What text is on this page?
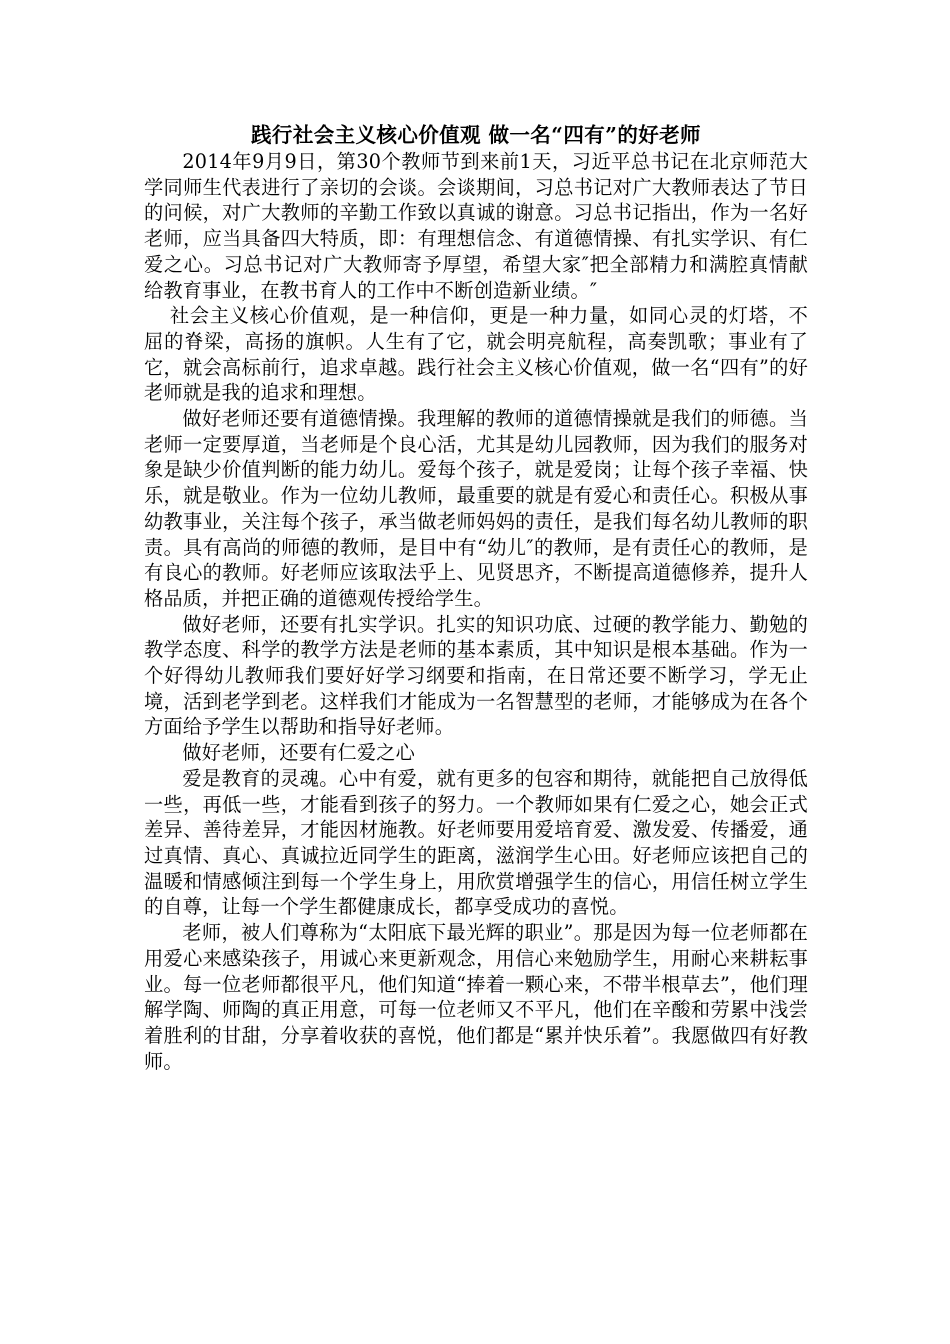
践行社会主义核心价值观 做一名“四有”的好老师

2014年9月9日，第30个教师节到来前1天，习近平总书记在北京师范大学同师生代表进行了亲切的会谈。会谈期间，习总书记对广大教师表达了节日的问候，对广大教师的辛勤工作致以真诚的谢意。习总书记指出，作为一名好老师，应当具备四大特质，即：有理想信念、有道德情操、有扎实学识、有仁爱之心。习总书记对广大教师寄予厚望，希望大家″把全部精力和满腔真情献给教育事业，在教书育人的工作中不断创造新业绩。″

社会主义核心价值观，是一种信仰，更是一种力量，如同心灵的灯塔，不屈的脊梁，高扬的旗帜。人生有了它，就会明亮航程，高奏凯歌；事业有了它，就会高标前行，追求卓越。践行社会主义核心价值观，做一名“四有”的好老师就是我的追求和理想。

做好老师还要有道德情操。我理解的教师的道德情操就是我们的师德。当老师一定要厚道，当老师是个良心活，尤其是幼儿园教师，因为我们的服务对象是缺少价值判断的能力幼儿。爱每个孩子，就是爱岗；让每个孩子幸福、快乐，就是敬业。作为一位幼儿教师，最重要的就是有爱心和责任心。积极从事幼教事业，关注每个孩子，承当做老师妈妈的责任，是我们每名幼儿教师的职责。具有高尚的师德的教师，是目中有“幼儿″的教师，是有责任心的教师，是有良心的教师。好老师应该取法乎上、见贤思齐，不断提高道德修养，提升人格品质，并把正确的道德观传授给学生。

做好老师，还要有扎实学识。扎实的知识功底、过硬的教学能力、勤勉的教学态度、科学的教学方法是老师的基本素质，其中知识是根本基础。作为一个好得幼儿教师我们要好好学习纲要和指南，在日常还要不断学习，学无止境，活到老学到老。这样我们才能成为一名智慧型的老师，才能够成为在各个方面给予学生以帮助和指导好老师。

做好老师，还要有仁爱之心

爱是教育的灵魂。心中有爱，就有更多的包容和期待，就能把自己放得低一些，再低一些，才能看到孩子的努力。一个教师如果有仁爱之心，她会正式差异、善待差异，才能因材施教。好老师要用爱培育爱、激发爱、传播爱，通过真情、真心、真诚拉近同学生的距离，滋润学生心田。好老师应该把自己的温暖和情感倾注到每一个学生身上，用欣赏增强学生的信心，用信任树立学生的自尊，让每一个学生都健康成长，都享受成功的喜悦。

老师，被人们尊称为“太阳底下最光辉的职业”。那是因为每一位老师都在用爱心来感染孩子，用诚心来更新观念，用信心来勉励学生，用耐心来耕耘事业。每一位老师都很平凡，他们知道“捧着一颗心来，不带半根草去”，他们理解学陶、师陶的真正用意，可每一位老师又不平凡，他们在辛酸和劳累中浅尝着胜利的甘甜，分享着收获的喜悦，他们都是“累并快乐着”。我愿做四有好教师。
